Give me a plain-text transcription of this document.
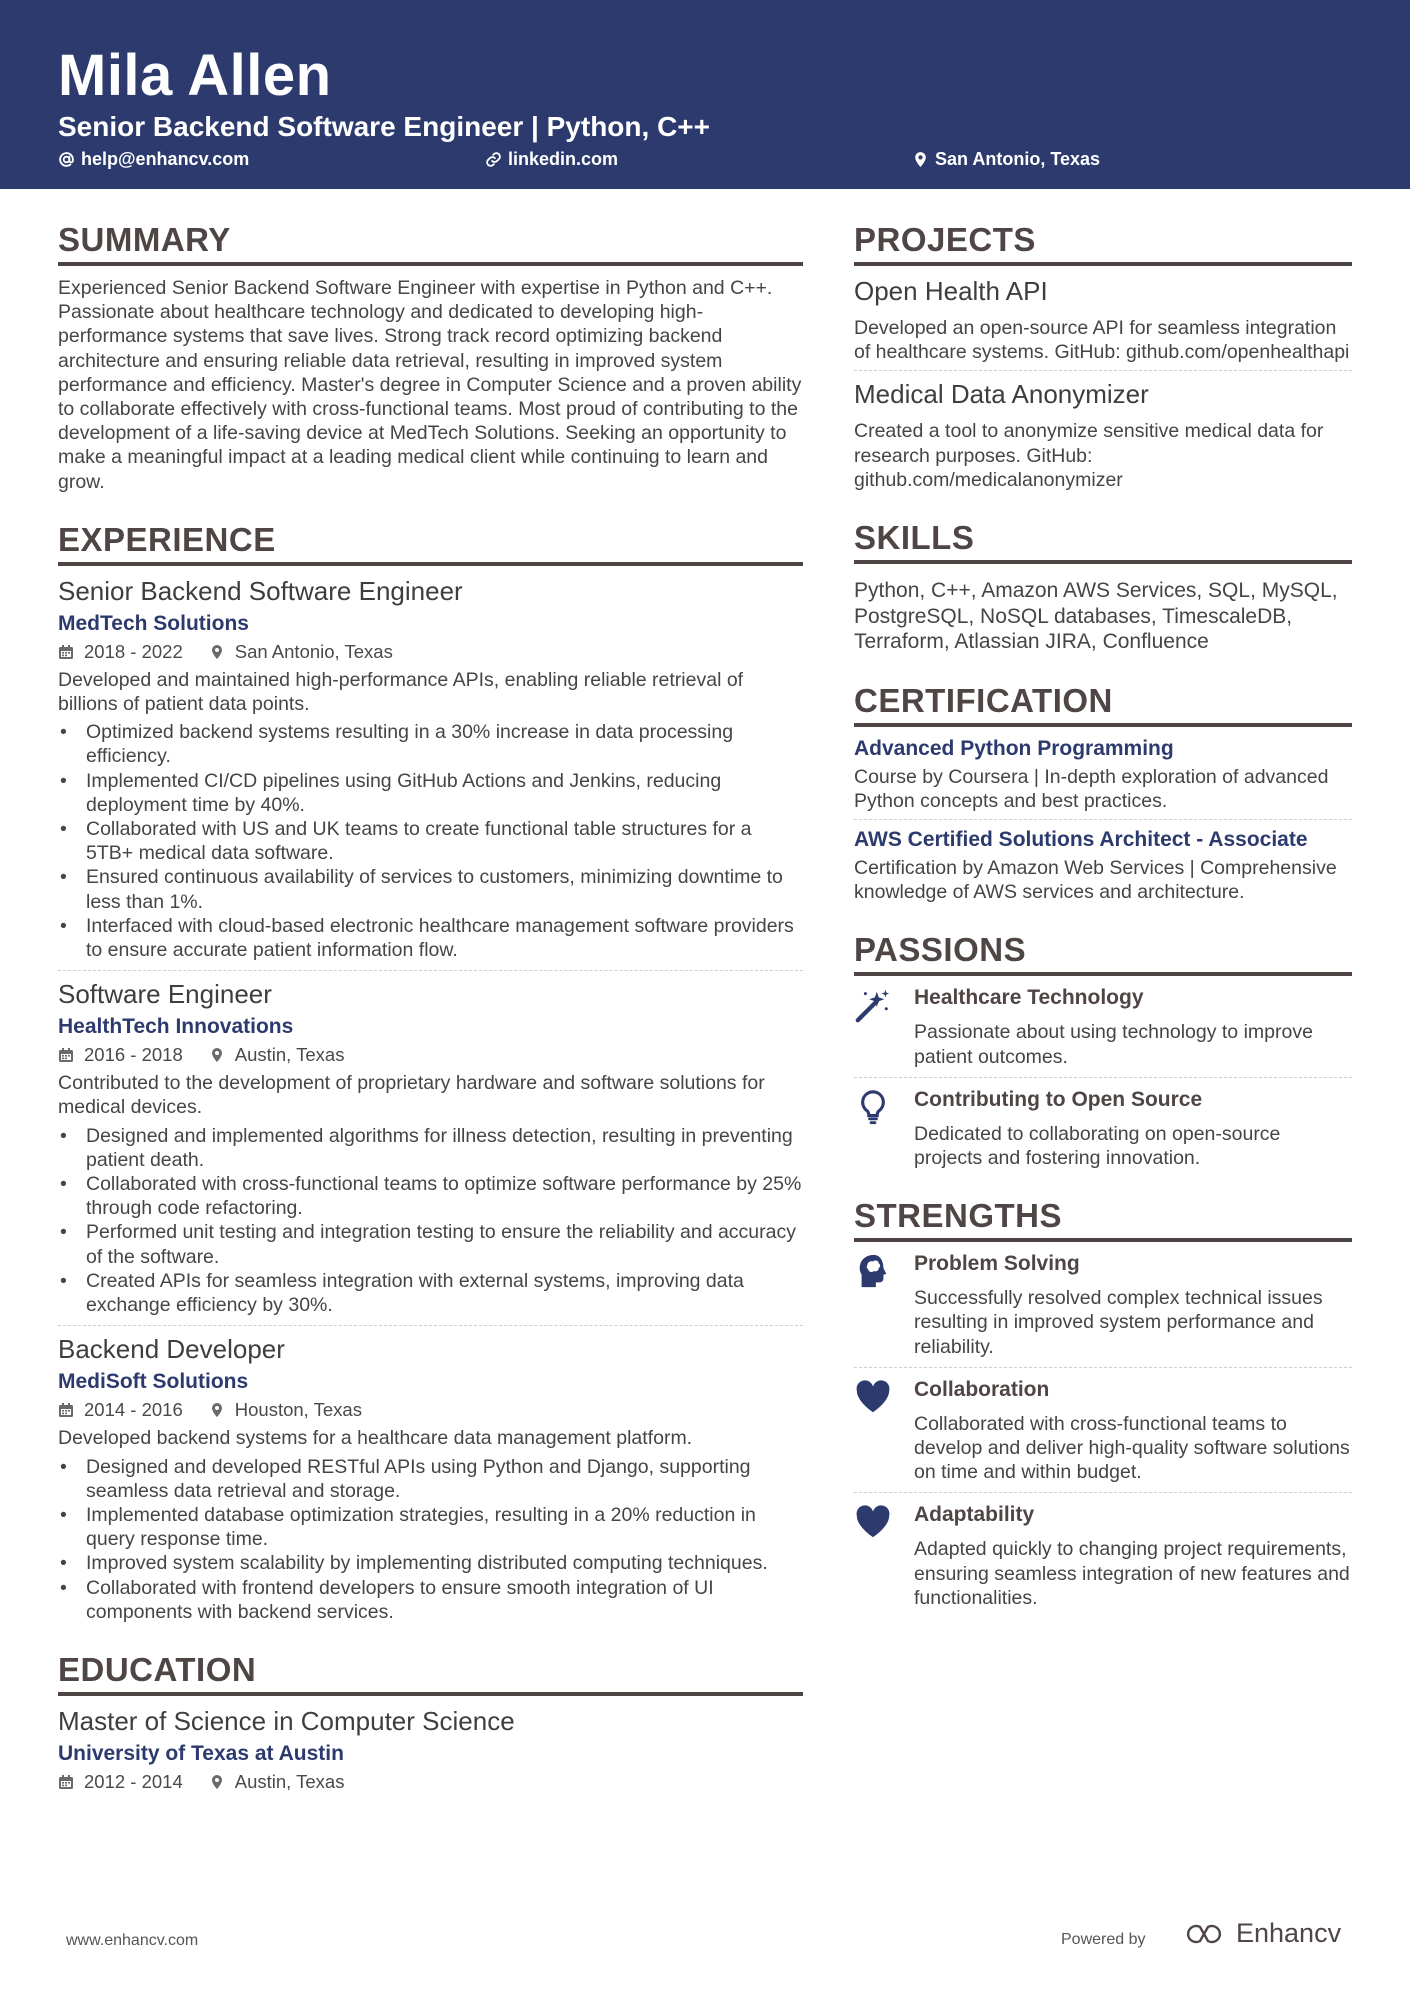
Mila Allen
Senior Backend Software Engineer | Python, C++
help@enhancv.com	linkedin.com	San Antonio, Texas
SUMMARY
Experienced Senior Backend Software Engineer with expertise in Python and C++. Passionate about healthcare technology and dedicated to developing high-performance systems that save lives. Strong track record optimizing backend architecture and ensuring reliable data retrieval, resulting in improved system performance and efficiency. Master's degree in Computer Science and a proven ability to collaborate effectively with cross-functional teams. Most proud of contributing to the development of a life-saving device at MedTech Solutions. Seeking an opportunity to make a meaningful impact at a leading medical client while continuing to learn and grow.
EXPERIENCE
Senior Backend Software Engineer
MedTech Solutions
2018 - 2022	San Antonio, Texas
Developed and maintained high-performance APIs, enabling reliable retrieval of billions of patient data points.
• Optimized backend systems resulting in a 30% increase in data processing efficiency.
• Implemented CI/CD pipelines using GitHub Actions and Jenkins, reducing deployment time by 40%.
• Collaborated with US and UK teams to create functional table structures for a 5TB+ medical data software.
• Ensured continuous availability of services to customers, minimizing downtime to less than 1%.
• Interfaced with cloud-based electronic healthcare management software providers to ensure accurate patient information flow.
Software Engineer
HealthTech Innovations
2016 - 2018	Austin, Texas
Contributed to the development of proprietary hardware and software solutions for medical devices.
• Designed and implemented algorithms for illness detection, resulting in preventing patient death.
• Collaborated with cross-functional teams to optimize software performance by 25% through code refactoring.
• Performed unit testing and integration testing to ensure the reliability and accuracy of the software.
• Created APIs for seamless integration with external systems, improving data exchange efficiency by 30%.
Backend Developer
MediSoft Solutions
2014 - 2016	Houston, Texas
Developed backend systems for a healthcare data management platform.
• Designed and developed RESTful APIs using Python and Django, supporting seamless data retrieval and storage.
• Implemented database optimization strategies, resulting in a 20% reduction in query response time.
• Improved system scalability by implementing distributed computing techniques.
• Collaborated with frontend developers to ensure smooth integration of UI components with backend services.
EDUCATION
Master of Science in Computer Science
University of Texas at Austin
2012 - 2014	Austin, Texas
PROJECTS
Open Health API
Developed an open-source API for seamless integration of healthcare systems. GitHub: github.com/openhealthapi
Medical Data Anonymizer
Created a tool to anonymize sensitive medical data for research purposes. GitHub: github.com/medicalanonymizer
SKILLS
Python, C++, Amazon AWS Services, SQL, MySQL, PostgreSQL, NoSQL databases, TimescaleDB, Terraform, Atlassian JIRA, Confluence
CERTIFICATION
Advanced Python Programming
Course by Coursera | In-depth exploration of advanced Python concepts and best practices.
AWS Certified Solutions Architect - Associate
Certification by Amazon Web Services | Comprehensive knowledge of AWS services and architecture.
PASSIONS
Healthcare Technology
Passionate about using technology to improve patient outcomes.
Contributing to Open Source
Dedicated to collaborating on open-source projects and fostering innovation.
STRENGTHS
Problem Solving
Successfully resolved complex technical issues resulting in improved system performance and reliability.
Collaboration
Collaborated with cross-functional teams to develop and deliver high-quality software solutions on time and within budget.
Adaptability
Adapted quickly to changing project requirements, ensuring seamless integration of new features and functionalities.
www.enhancv.com	Powered by	Enhancv
